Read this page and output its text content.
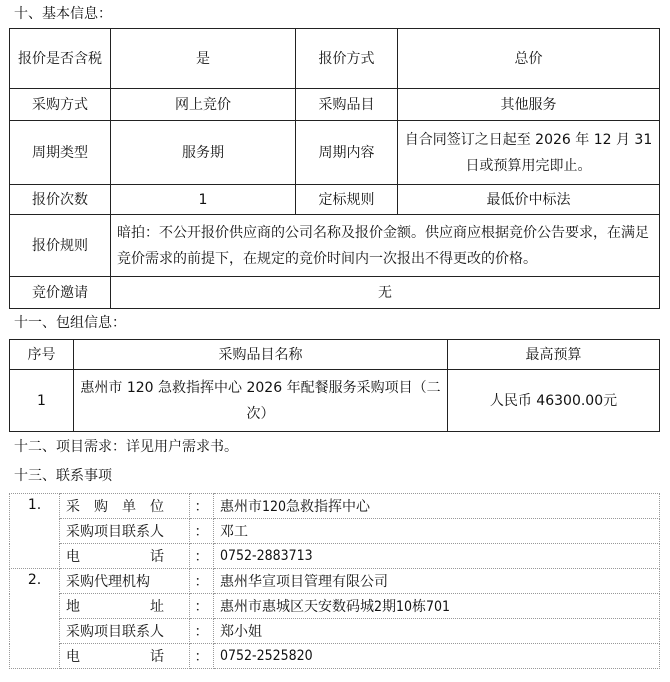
十、基本信息：
报价是否含税	是	报价方式	总价
采购方式	网上竞价	采购品目	其他服务
周期类型	服务期	周期内容	自合同签订之日起至 2026 年 12 月 31 日或预算用完即止。
报价次数	1	定标规则	最低价中标法
报价规则	暗拍：不公开报价供应商的公司名称及报价金额。供应商应根据竞价公告要求，在满足竞价需求的前提下，在规定的竞价时间内一次报出不得更改的价格。		
竞价邀请	无		
十一、包组信息：
序号	采购品目名称	最高预算
1	惠州市 120 急救指挥中心 2026 年配餐服务采购项目（二次）	人民币 46300.00元
十二、项目需求：详见用户需求书。
十三、联系事项
1.	采　购　单　位	：	惠州市120急救指挥中心
	采购项目联系人	：	邓工
	电　　　　　话	：	0752-2883713
2.	采购代理机构	：	惠州华宣项目管理有限公司
	地　　　　　址	：	惠州市惠城区天安数码城2期10栋701
	采购项目联系人	：	郑小姐
	电　　　　　话	：	0752-2525820
